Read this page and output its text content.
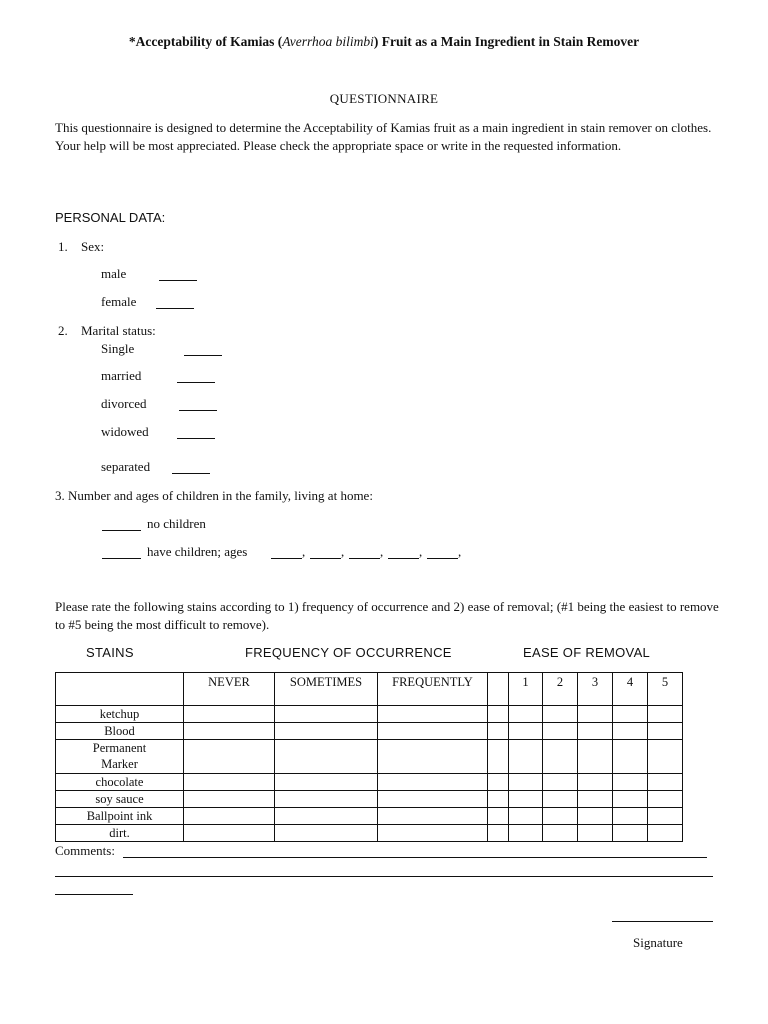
*Acceptability of Kamias (Averrhoa bilimbi) Fruit as a Main Ingredient in Stain Remover
QUESTIONNAIRE
This questionnaire is designed to determine the Acceptability of Kamias fruit as a main ingredient in stain remover on clothes. Your help will be most appreciated. Please check the appropriate space or write in the requested information.
PERSONAL DATA:
1. Sex:
male
female
2. Marital status:
Single
married
divorced
widowed
separated
3. Number and ages of children in the family, living at home:
no children
have children; ages	,	,	,	,	,
Please rate the following stains according to 1) frequency of occurrence and 2) ease of removal; (#1 being the easiest to remove to #5 being the most difficult to remove).
STAINS	FREQUENCY OF OCCURRENCE	EASE OF REMOVAL
	NEVER	SOMETIMES	FREQUENTLY		1	2	3	4	5
ketchup									
Blood									
Permanent Marker									
chocolate									
soy sauce									
Ballpoint ink									
dirt.									
Comments:
Signature
